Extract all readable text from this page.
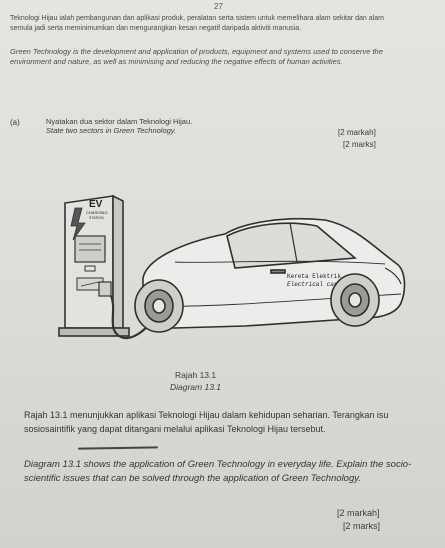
27
Teknologi Hijau ialah pembangunan dan aplikasi produk, peralatan serta sistem untuk memelihara alam sekitar dan alam semula jadi serta meminimumkan dan mengurangkan kesan negatif daripada aktiviti manusia.
Green Technology is the development and application of products, equipment and systems used to conserve the environment and nature, as well as minimising and reducing the negative effects of human activities.
(a)	Nyatakan dua sektor dalam Teknologi Hijau.
State two sectors in Green Technology.	[2 markah]
[2 marks]
EV
CHARGING
STATION
Kereta Elektrik
Electrical car
Rajah 13.1
Diagram 13.1
Rajah 13.1 menunjukkan aplikasi Teknologi Hijau dalam kehidupan seharian. Terangkan isu sosiosaintifik yang dapat ditangani melalui aplikasi Teknologi Hijau tersebut.
Diagram 13.1 shows the application of Green Technology in everyday life. Explain the socio-scientific issues that can be solved through the application of Green Technology.
[2 markah]
[2 marks]
